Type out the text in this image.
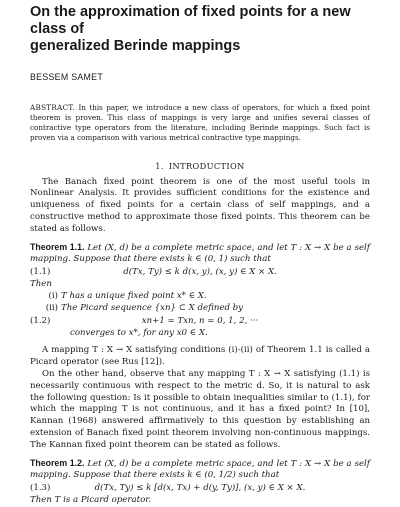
On the approximation of fixed points for a new class of
generalized Berinde mappings
BESSEM SAMET
ABSTRACT. In this paper, we introduce a new class of operators, for which a fixed point theorem is proven. This class of mappings is very large and unifies several classes of contractive type operators from the literature, including Berinde mappings. Such fact is proven via a comparison with various metrical contractive type mappings.
1. INTRODUCTION

The Banach fixed point theorem is one of the most useful tools in Nonlinear Analysis. It provides sufficient conditions for the existence and uniqueness of fixed points for a certain class of self mappings, and a constructive method to approximate those fixed points. This theorem can be stated as follows.

Theorem 1.1. Let (X, d) be a complete metric space, and let T : X → X be a self mapping. Suppose that there exists k ∈ (0, 1) such that
(1.1)	d(Tx, Ty) ≤ k d(x, y), (x, y) ∈ X × X.
Then
(i) T has a unique fixed point x* ∈ X.
(ii) The Picard sequence {xn} ⊂ X defined by
(1.2)	xn+1 = Txn, n = 0, 1, 2, ···
converges to x*, for any x0 ∈ X.

A mapping T : X → X satisfying conditions (i)-(ii) of Theorem 1.1 is called a Picard operator (see Rus [12]).

On the other hand, observe that any mapping T : X → X satisfying (1.1) is necessarily continuous with respect to the metric d. So, it is natural to ask the following question: Is it possible to obtain inequalities similar to (1.1), for which the mapping T is not continuous, and it has a fixed point? In [10], Kannan (1968) answered affirmatively to this question by establishing an extension of Banach fixed point theorem involving non-continuous mappings. The Kannan fixed point theorem can be stated as follows.

Theorem 1.2. Let (X, d) be a complete metric space, and let T : X → X be a self mapping. Suppose that there exists k ∈ (0, 1/2) such that
(1.3)	d(Tx, Ty) ≤ k [d(x, Tx) + d(y, Ty)], (x, y) ∈ X × X.
Then T is a Picard operator.
